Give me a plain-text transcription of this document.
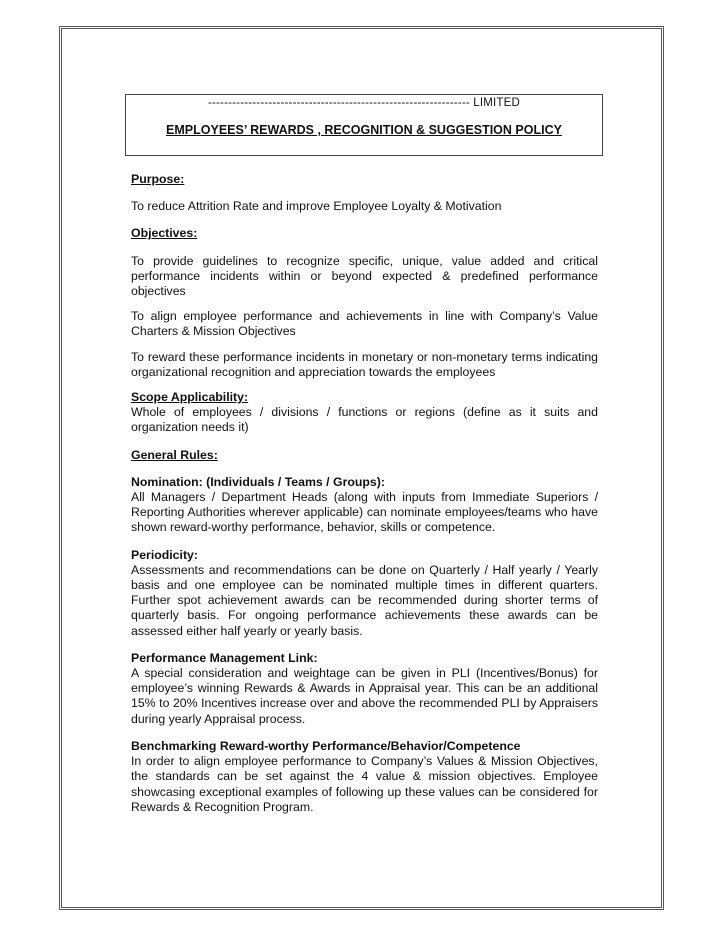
----------------------------------------------------------------- LIMITED
EMPLOYEES’ REWARDS , RECOGNITION & SUGGESTION POLICY

Purpose:

To reduce Attrition Rate and improve Employee Loyalty & Motivation

Objectives:

To provide guidelines to recognize specific, unique, value added and critical performance incidents within or beyond expected & predefined performance objectives

To align employee performance and achievements in line with Company’s Value Charters & Mission Objectives

To reward these performance incidents in monetary or non-monetary terms indicating organizational recognition and appreciation towards the employees

Scope Applicability:

Whole of employees / divisions / functions or regions (define as it suits and organization needs it)

General Rules:

Nomination: (Individuals / Teams / Groups):

All Managers / Department Heads (along with inputs from Immediate Superiors / Reporting Authorities wherever applicable) can nominate employees/teams who have shown reward-worthy performance, behavior, skills or competence.

Periodicity:

Assessments and recommendations can be done on Quarterly / Half yearly / Yearly basis and one employee can be nominated multiple times in different quarters. Further spot achievement awards can be recommended during shorter terms of quarterly basis. For ongoing performance achievements these awards can be assessed either half yearly or yearly basis.

Performance Management Link:

A special consideration and weightage can be given in PLI (Incentives/Bonus) for employee’s winning Rewards & Awards in Appraisal year. This can be an additional 15% to 20% Incentives increase over and above the recommended PLI by Appraisers during yearly Appraisal process.

Benchmarking Reward-worthy Performance/Behavior/Competence

In order to align employee performance to Company’s Values & Mission Objectives, the standards can be set against the 4 value & mission objectives. Employee showcasing exceptional examples of following up these values can be considered for Rewards & Recognition Program.
